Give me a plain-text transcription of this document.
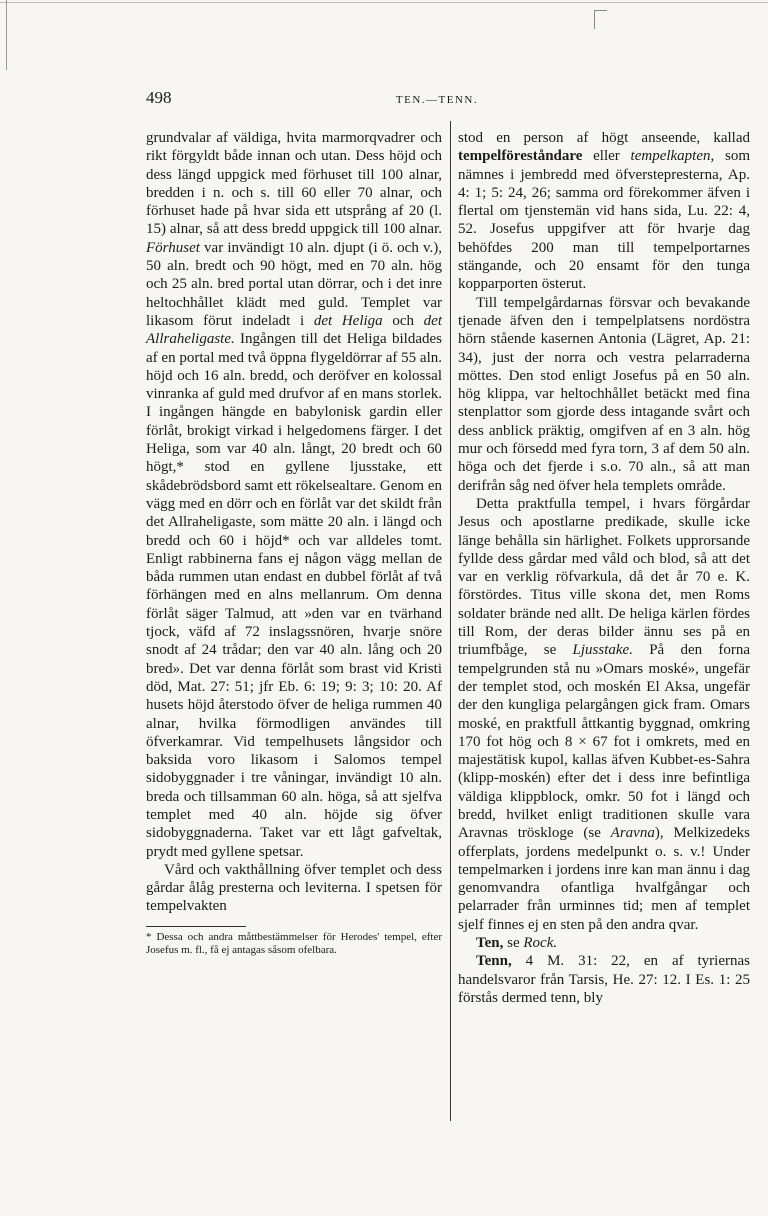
498	TEN.—TENN.

grundvalar af väldiga, hvita marmorqvadrer och rikt förgyldt både innan och utan. Dess höjd och dess längd uppgick med förhuset till 100 alnar, bredden i n. och s. till 60 eller 70 alnar, och förhuset hade på hvar sida ett utsprång af 20 (l. 15) alnar, så att dess bredd uppgick till 100 alnar. Förhuset var invändigt 10 aln. djupt (i ö. och v.), 50 aln. bredt och 90 högt, med en 70 aln. hög och 25 aln. bred portal utan dörrar, och i det inre heltochhållet klädt med guld. Templet var likasom förut indeladt i det Heliga och det Allraheligaste. Ingången till det Heliga bildades af en portal med två öppna flygeldörrar af 55 aln. höjd och 16 aln. bredd, och deröfver en kolossal vinranka af guld med drufvor af en mans storlek. I ingången hängde en babylonisk gardin eller förlåt, brokigt virkad i helgedomens färger. I det Heliga, som var 40 aln. långt, 20 bredt och 60 högt,* stod en gyllene ljusstake, ett skådebrödsbord samt ett rökelsealtare. Genom en vägg med en dörr och en förlåt var det skildt från det Allraheligaste, som mätte 20 aln. i längd och bredd och 60 i höjd* och var alldeles tomt. Enligt rabbinerna fans ej någon vägg mellan de båda rummen utan endast en dubbel förlåt af två förhängen med en alns mellanrum. Om denna förlåt säger Talmud, att »den var en tvärhand tjock, väfd af 72 inslagssnören, hvarje snöre snodt af 24 trådar; den var 40 aln. lång och 20 bred». Det var denna förlåt som brast vid Kristi död, Mat. 27: 51; jfr Eb. 6: 19; 9: 3; 10: 20. Af husets höjd återstodo öfver de heliga rummen 40 alnar, hvilka förmodligen användes till öfverkamrar. Vid tempelhusets långsidor och baksida voro likasom i Salomos tempel sidobyggnader i tre våningar, invändigt 10 aln. breda och tillsamman 60 aln. höga, så att sjelfva templet med 40 aln. höjde sig öfver sidobyggnaderna. Taket var ett lågt gafveltak, prydt med gyllene spetsar.

Vård och vakthållning öfver templet och dess gårdar ålåg presterna och leviterna. I spetsen för tempelvakten

* Dessa och andra måttbestämmelser för Herodes' tempel, efter Josefus m. fl., få ej antagas såsom ofelbara.

stod en person af högt anseende, kallad tempelföreståndare eller tempelkapten, som nämnes i jembredd med öfverstepresterna, Ap. 4: 1; 5: 24, 26; samma ord förekommer äfven i flertal om tjenstemän vid hans sida, Lu. 22: 4, 52. Josefus uppgifver att för hvarje dag behöfdes 200 man till tempelportarnes stängande, och 20 ensamt för den tunga kopparporten österut.

Till tempelgårdarnas försvar och bevakande tjenade äfven den i tempelplatsens nordöstra hörn stående kasernen Antonia (Lägret, Ap. 21: 34), just der norra och vestra pelarraderna möttes. Den stod enligt Josefus på en 50 aln. hög klippa, var heltochhållet betäckt med fina stenplattor som gjorde dess intagande svårt och dess anblick präktig, omgifven af en 3 aln. hög mur och försedd med fyra torn, 3 af dem 50 aln. höga och det fjerde i s.o. 70 aln., så att man derifrån såg ned öfver hela templets område.

Detta praktfulla tempel, i hvars förgårdar Jesus och apostlarne predikade, skulle icke länge behålla sin härlighet. Folkets upprorsande fyllde dess gårdar med våld och blod, så att det var en verklig röfvarkula, då det år 70 e. K. förstördes. Titus ville skona det, men Roms soldater brände ned allt. De heliga kärlen fördes till Rom, der deras bilder ännu ses på en triumfbåge, se Ljusstake. På den forna tempelgrunden stå nu »Omars moské», ungefär der templet stod, och moskén El Aksa, ungefär der den kungliga pelargången gick fram. Omars moské, en praktfull åttkantig byggnad, omkring 170 fot hög och 8 × 67 fot i omkrets, med en majestätisk kupol, kallas äfven Kubbet-es-Sahra (klipp-moskén) efter det i dess inre befintliga väldiga klippblock, omkr. 50 fot i längd och bredd, hvilket enligt traditionen skulle vara Aravnas tröskloge (se Aravna), Melkizedeks offerplats, jordens medelpunkt o. s. v.! Under tempelmarken i jordens inre kan man ännu i dag genomvandra ofantliga hvalfgångar och pelarrader från urminnes tid; men af templet sjelf finnes ej en sten på den andra qvar.

Ten, se Rock.

Tenn, 4 M. 31: 22, en af tyriernas handelsvaror från Tarsis, He. 27: 12. I Es. 1: 25 förstås dermed tenn, bly
